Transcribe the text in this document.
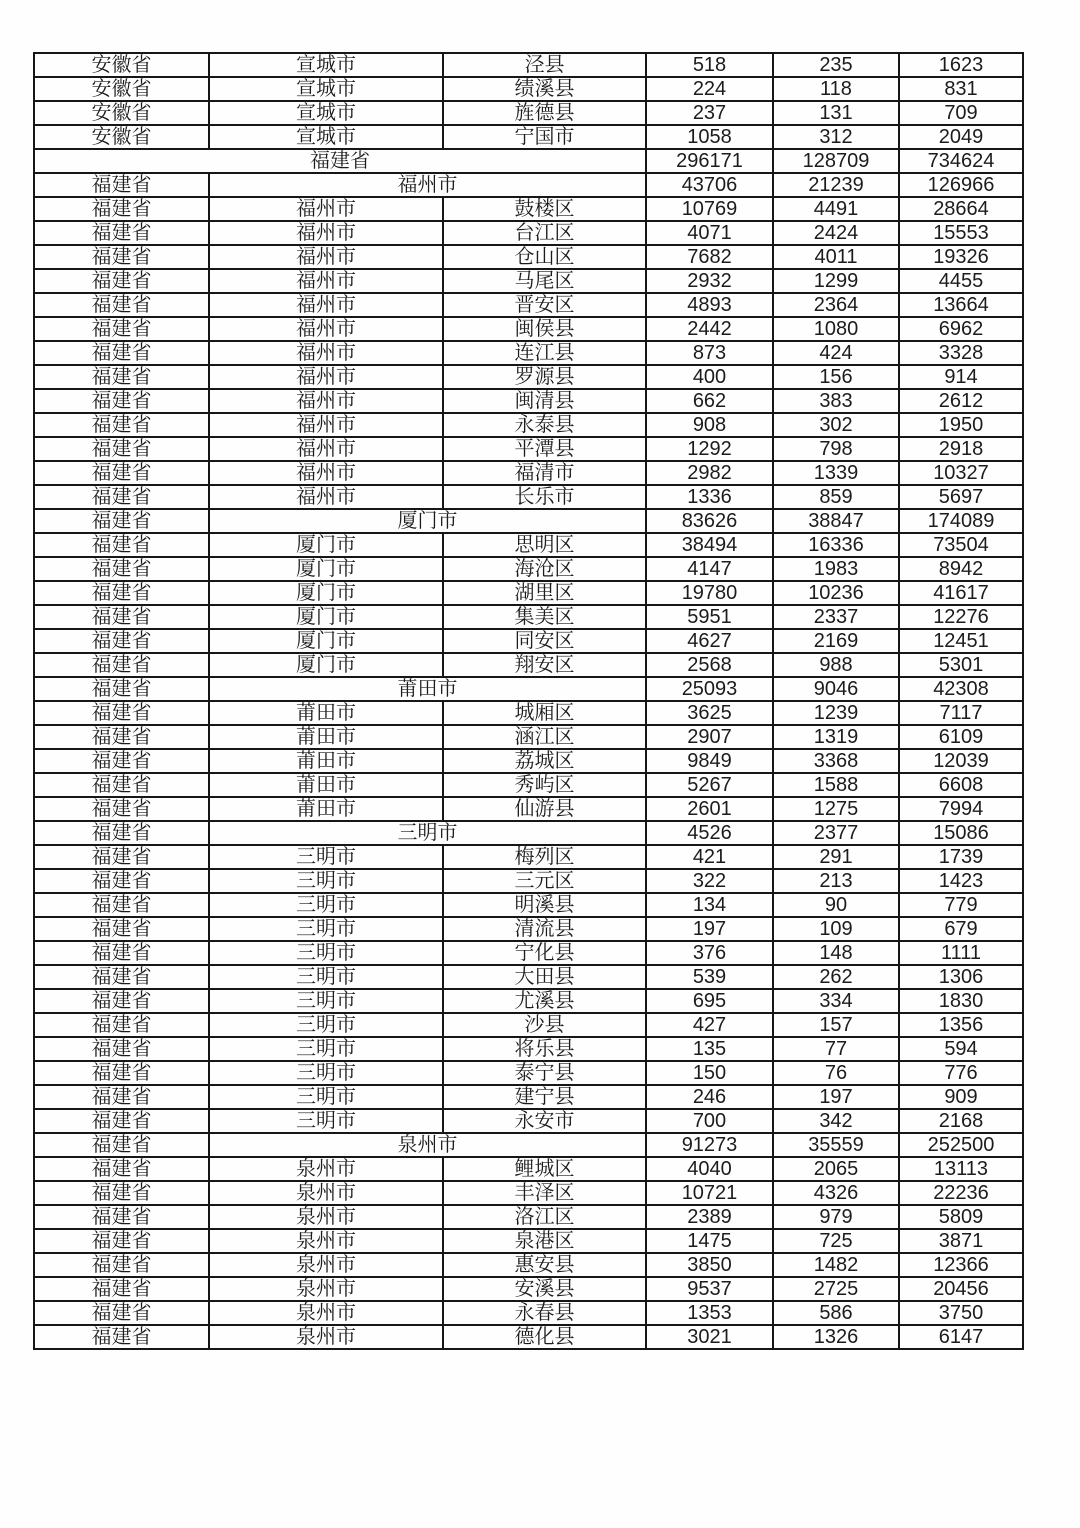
安徽省	宣城市	泾县	518	235	1623
安徽省	宣城市	绩溪县	224	118	831
安徽省	宣城市	旌德县	237	131	709
安徽省	宣城市	宁国市	1058	312	2049
福建省			296171	128709	734624
福建省	福州市		43706	21239	126966
福建省	福州市	鼓楼区	10769	4491	28664
福建省	福州市	台江区	4071	2424	15553
福建省	福州市	仓山区	7682	4011	19326
福建省	福州市	马尾区	2932	1299	4455
福建省	福州市	晋安区	4893	2364	13664
福建省	福州市	闽侯县	2442	1080	6962
福建省	福州市	连江县	873	424	3328
福建省	福州市	罗源县	400	156	914
福建省	福州市	闽清县	662	383	2612
福建省	福州市	永泰县	908	302	1950
福建省	福州市	平潭县	1292	798	2918
福建省	福州市	福清市	2982	1339	10327
福建省	福州市	长乐市	1336	859	5697
福建省	厦门市		83626	38847	174089
福建省	厦门市	思明区	38494	16336	73504
福建省	厦门市	海沧区	4147	1983	8942
福建省	厦门市	湖里区	19780	10236	41617
福建省	厦门市	集美区	5951	2337	12276
福建省	厦门市	同安区	4627	2169	12451
福建省	厦门市	翔安区	2568	988	5301
福建省	莆田市		25093	9046	42308
福建省	莆田市	城厢区	3625	1239	7117
福建省	莆田市	涵江区	2907	1319	6109
福建省	莆田市	荔城区	9849	3368	12039
福建省	莆田市	秀屿区	5267	1588	6608
福建省	莆田市	仙游县	2601	1275	7994
福建省	三明市		4526	2377	15086
福建省	三明市	梅列区	421	291	1739
福建省	三明市	三元区	322	213	1423
福建省	三明市	明溪县	134	90	779
福建省	三明市	清流县	197	109	679
福建省	三明市	宁化县	376	148	1111
福建省	三明市	大田县	539	262	1306
福建省	三明市	尤溪县	695	334	1830
福建省	三明市	沙县	427	157	1356
福建省	三明市	将乐县	135	77	594
福建省	三明市	泰宁县	150	76	776
福建省	三明市	建宁县	246	197	909
福建省	三明市	永安市	700	342	2168
福建省	泉州市		91273	35559	252500
福建省	泉州市	鲤城区	4040	2065	13113
福建省	泉州市	丰泽区	10721	4326	22236
福建省	泉州市	洛江区	2389	979	5809
福建省	泉州市	泉港区	1475	725	3871
福建省	泉州市	惠安县	3850	1482	12366
福建省	泉州市	安溪县	9537	2725	20456
福建省	泉州市	永春县	1353	586	3750
福建省	泉州市	德化县	3021	1326	6147
